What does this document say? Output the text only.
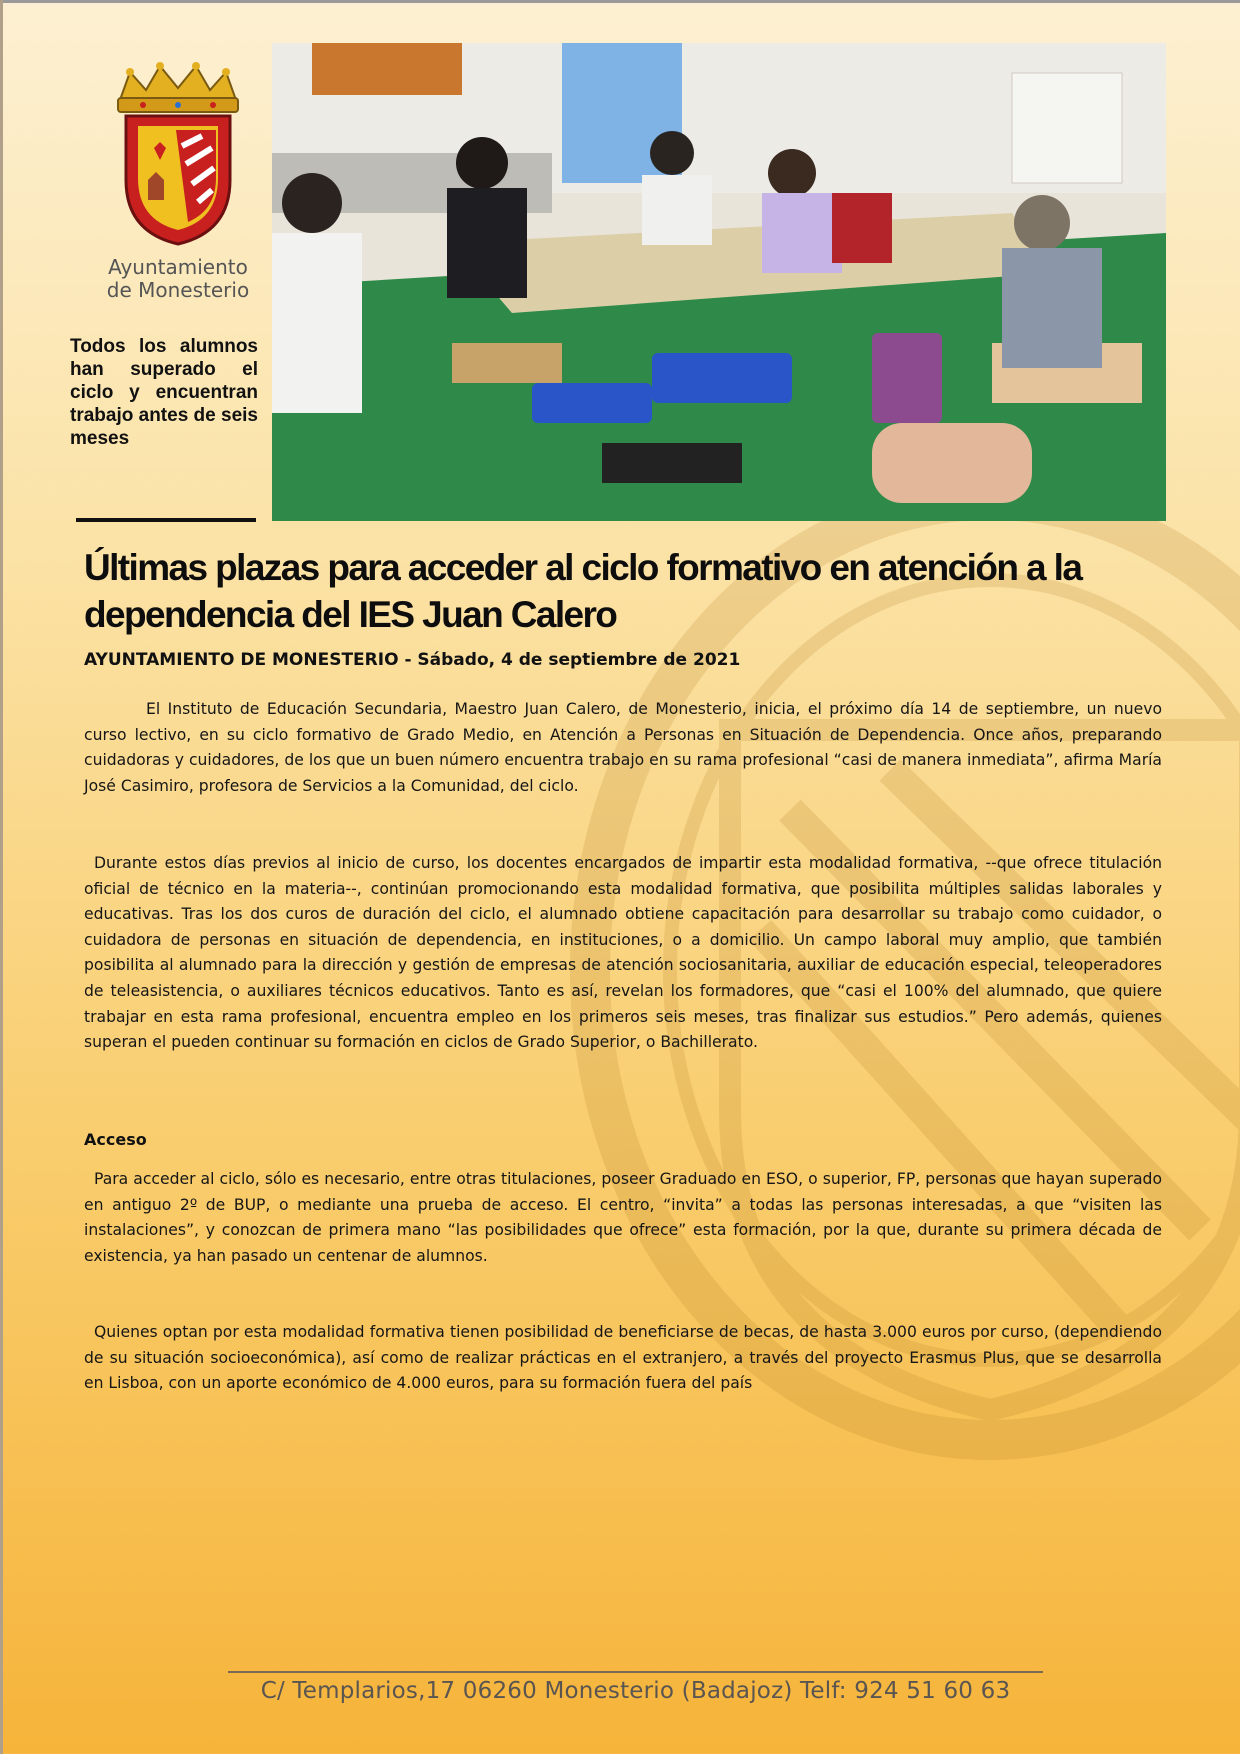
Ayuntamiento
de Monesterio
Todos los alumnos han superado el ciclo y encuentran trabajo antes de seis meses
Últimas plazas para acceder al ciclo formativo en atención a la dependencia del IES Juan Calero
AYUNTAMIENTO DE MONESTERIO - Sábado, 4 de septiembre de 2021

El Instituto de Educación Secundaria, Maestro Juan Calero, de Monesterio, inicia, el próximo día 14 de septiembre, un nuevo curso lectivo, en su ciclo formativo de Grado Medio, en Atención a Personas en Situación de Dependencia. Once años, preparando cuidadoras y cuidadores, de los que un buen número encuentra trabajo en su rama profesional “casi de manera inmediata”, afirma María José Casimiro, profesora de Servicios a la Comunidad, del ciclo.

Durante estos días previos al inicio de curso, los docentes encargados de impartir esta modalidad formativa, --que ofrece titulación oficial de técnico en la materia--, continúan promocionando esta modalidad formativa, que posibilita múltiples salidas laborales y educativas. Tras los dos curos de duración del ciclo, el alumnado obtiene capacitación para desarrollar su trabajo como cuidador, o cuidadora de personas en situación de dependencia, en instituciones, o a domicilio. Un campo laboral muy amplio, que también posibilita al alumnado para la dirección y gestión de empresas de atención sociosanitaria, auxiliar de educación especial, teleoperadores de teleasistencia, o auxiliares técnicos educativos. Tanto es así, revelan los formadores, que “casi el 100% del alumnado, que quiere trabajar en esta rama profesional, encuentra empleo en los primeros seis meses, tras finalizar sus estudios.” Pero además, quienes superan el pueden continuar su formación en ciclos de Grado Superior, o Bachillerato.

Acceso

Para acceder al ciclo, sólo es necesario, entre otras titulaciones, poseer Graduado en ESO, o superior, FP, personas que hayan superado en antiguo 2º de BUP, o mediante una prueba de acceso. El centro, “invita” a todas las personas interesadas, a que “visiten las instalaciones”, y conozcan de primera mano “las posibilidades que ofrece” esta formación, por la que, durante su primera década de existencia, ya han pasado un centenar de alumnos.

Quienes optan por esta modalidad formativa tienen posibilidad de beneficiarse de becas, de hasta 3.000 euros por curso, (dependiendo de su situación socioeconómica), así como de realizar prácticas en el extranjero, a través del proyecto Erasmus Plus, que se desarrolla en Lisboa, con un aporte económico de 4.000 euros, para su formación fuera del país

C/ Templarios,17 06260 Monesterio (Badajoz) Telf: 924 51 60 63
